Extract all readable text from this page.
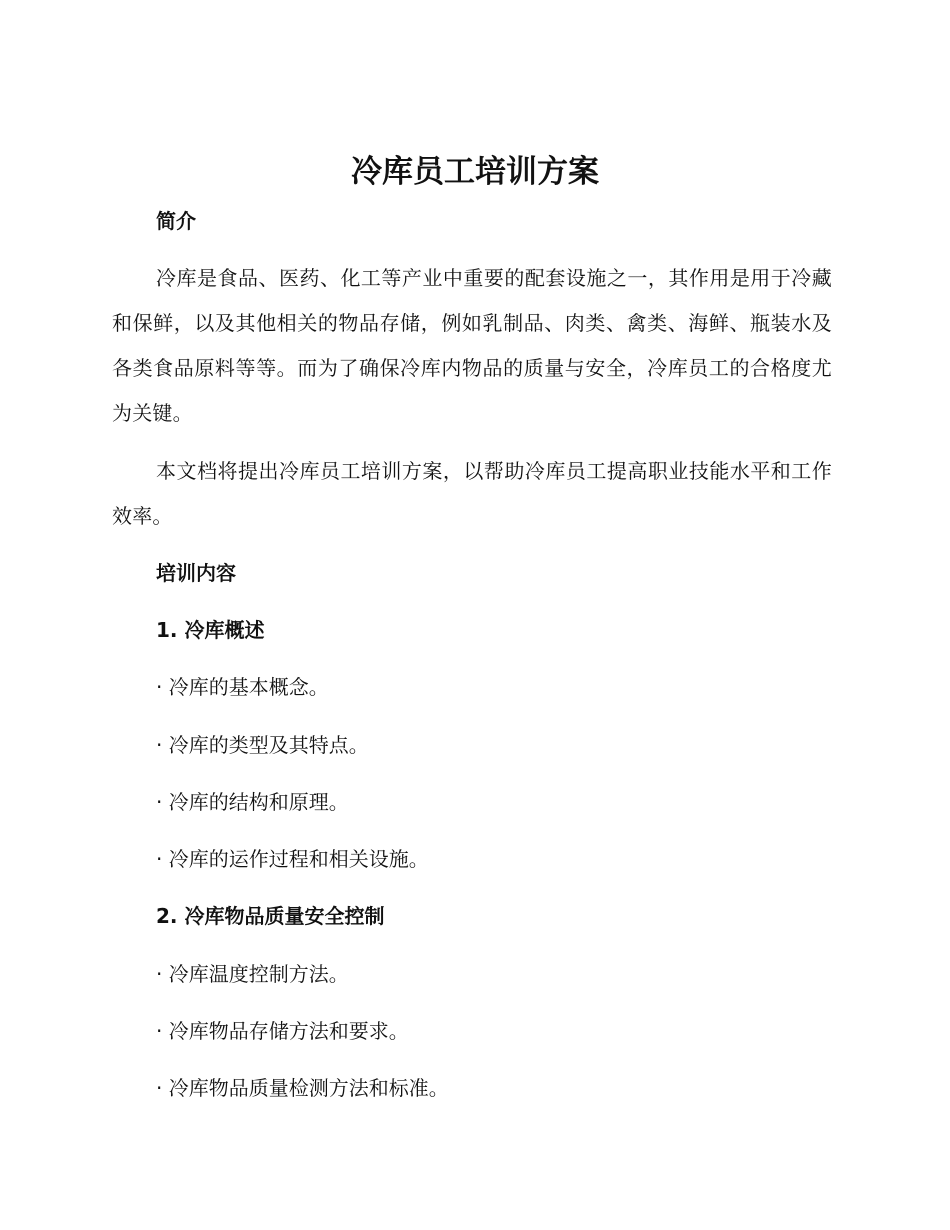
冷库员工培训方案
简介

冷库是食品、医药、化工等产业中重要的配套设施之一，其作用是用于冷藏和保鲜，以及其他相关的物品存储，例如乳制品、肉类、禽类、海鲜、瓶装水及各类食品原料等等。而为了确保冷库内物品的质量与安全，冷库员工的合格度尤为关键。

本文档将提出冷库员工培训方案，以帮助冷库员工提高职业技能水平和工作效率。

培训内容
1. 冷库概述

· 冷库的基本概念。

· 冷库的类型及其特点。

· 冷库的结构和原理。

· 冷库的运作过程和相关设施。

2. 冷库物品质量安全控制

· 冷库温度控制方法。

· 冷库物品存储方法和要求。

· 冷库物品质量检测方法和标准。
